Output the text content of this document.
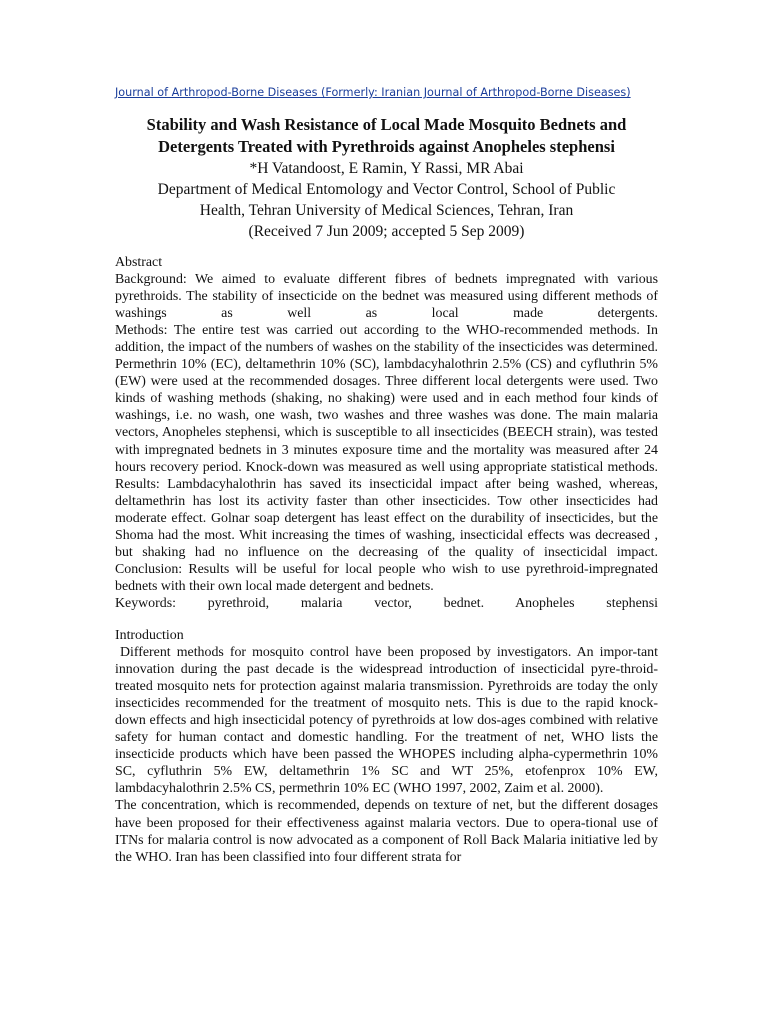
Journal of Arthropod-Borne Diseases (Formerly: Iranian Journal of Arthropod-Borne Diseases)
Stability and Wash Resistance of Local Made Mosquito Bednets and Detergents Treated with Pyrethroids against Anopheles stephensi

*H Vatandoost, E Ramin, Y Rassi, MR Abai

Department of Medical Entomology and Vector Control, School of Public

Health, Tehran University of Medical Sciences, Tehran, Iran

(Received 7 Jun 2009; accepted 5 Sep 2009)

Abstract

Background: We aimed to evaluate different fibres of bednets impregnated with various pyrethroids. The stability of insecticide on the bednet was measured using different methods of washings as well as local made detergents.

Methods: The entire test was carried out according to the WHO-recommended methods. In addition, the impact of the numbers of washes on the stability of the insecticides was determined. Permethrin 10% (EC), deltamethrin 10% (SC), lambdacyhalothrin 2.5% (CS) and cyfluthrin 5% (EW) were used at the recommended dosages. Three different local detergents were used. Two kinds of washing methods (shaking, no shaking) were used and in each method four kinds of washings, i.e. no wash, one wash, two washes and three washes was done. The main malaria vectors, Anopheles stephensi, which is susceptible to all insecticides (BEECH strain), was tested with impregnated bednets in 3 minutes exposure time and the mortality was measured after 24 hours recovery period. Knock-down was measured as well using appropriate statistical methods.

Results: Lambdacyhalothrin has saved its insecticidal impact after being washed, whereas, deltamethrin has lost its activity faster than other insecticides. Tow other insecticides had moderate effect. Golnar soap detergent has least effect on the durability of insecticides, but the Shoma had the most. Whit increasing the times of washing, insecticidal effects was decreased , but shaking had no influence on the decreasing of the quality of insecticidal impact.

Conclusion: Results will be useful for local people who wish to use pyrethroid-impregnated bednets with their own local made detergent and bednets.

Keywords: pyrethroid, malaria vector, bednet. Anopheles stephensi

Introduction

Different methods for mosquito control have been proposed by investigators. An impor-tant innovation during the past decade is the widespread introduction of insecticidal pyre-throid-treated mosquito nets for protection against malaria transmission. Pyrethroids are today the only insecticides recommended for the treatment of mosquito nets. This is due to the rapid knock-down effects and high insecticidal potency of pyrethroids at low dos-ages combined with relative safety for human contact and domestic handling. For the treatment of net, WHO lists the insecticide products which have been passed the WHOPES including alpha-cypermethrin 10% SC, cyfluthrin 5% EW, deltamethrin 1% SC and WT 25%, etofenprox 10% EW, lambdacyhalothrin 2.5% CS, permethrin 10% EC (WHO 1997, 2002, Zaim et al. 2000).

The concentration, which is recommended, depends on texture of net, but the different dosages have been proposed for their effectiveness against malaria vectors. Due to opera-tional use of ITNs for malaria control is now advocated as a component of Roll Back Malaria initiative led by the WHO. Iran has been classified into four different strata for
